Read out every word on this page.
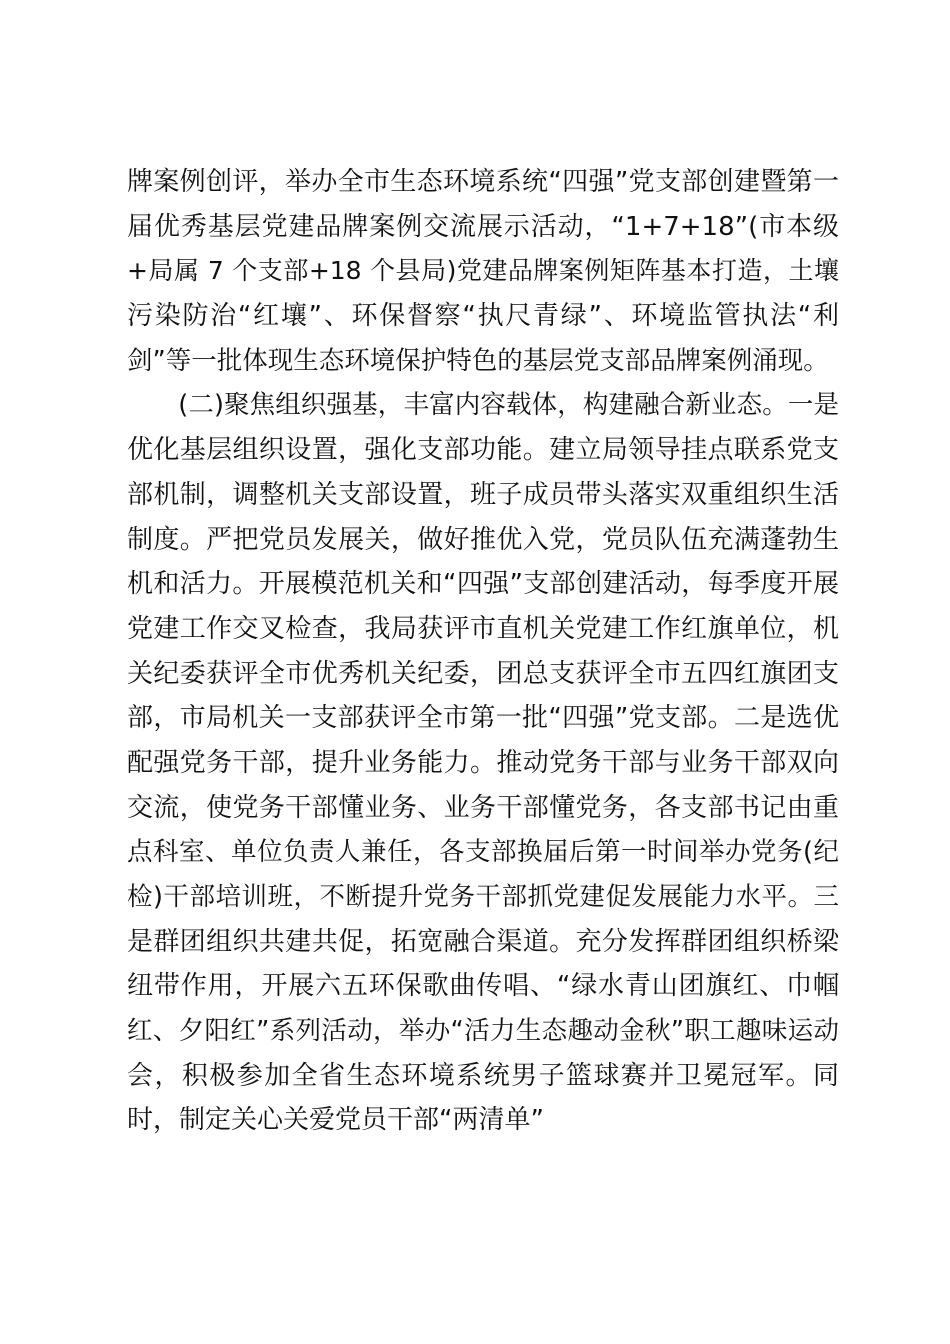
牌案例创评，举办全市生态环境系统“四强”党支部创建暨第一
届优秀基层党建品牌案例交流展示活动，“1+7+18”(市本级
+局属 7 个支部+18 个县局)党建品牌案例矩阵基本打造，土壤
污染防治“红壤”、环保督察“执尺青绿”、环境监管执法“利
剑”等一批体现生态环境保护特色的基层党支部品牌案例涌现。
　　(二)聚焦组织强基，丰富内容载体，构建融合新业态。一是
优化基层组织设置，强化支部功能。建立局领导挂点联系党支
部机制，调整机关支部设置，班子成员带头落实双重组织生活
制度。严把党员发展关，做好推优入党，党员队伍充满蓬勃生
机和活力。开展模范机关和“四强”支部创建活动，每季度开展
党建工作交叉检查，我局获评市直机关党建工作红旗单位，机
关纪委获评全市优秀机关纪委，团总支获评全市五四红旗团支
部，市局机关一支部获评全市第一批“四强”党支部。二是选优
配强党务干部，提升业务能力。推动党务干部与业务干部双向
交流，使党务干部懂业务、业务干部懂党务，各支部书记由重
点科室、单位负责人兼任，各支部换届后第一时间举办党务(纪
检)干部培训班，不断提升党务干部抓党建促发展能力水平。三
是群团组织共建共促，拓宽融合渠道。充分发挥群团组织桥梁
纽带作用，开展六五环保歌曲传唱、“绿水青山团旗红、巾帼
红、夕阳红”系列活动，举办“活力生态趣动金秋”职工趣味运动
会，积极参加全省生态环境系统男子篮球赛并卫冕冠军。同
时，制定关心关爱党员干部“两清单”
